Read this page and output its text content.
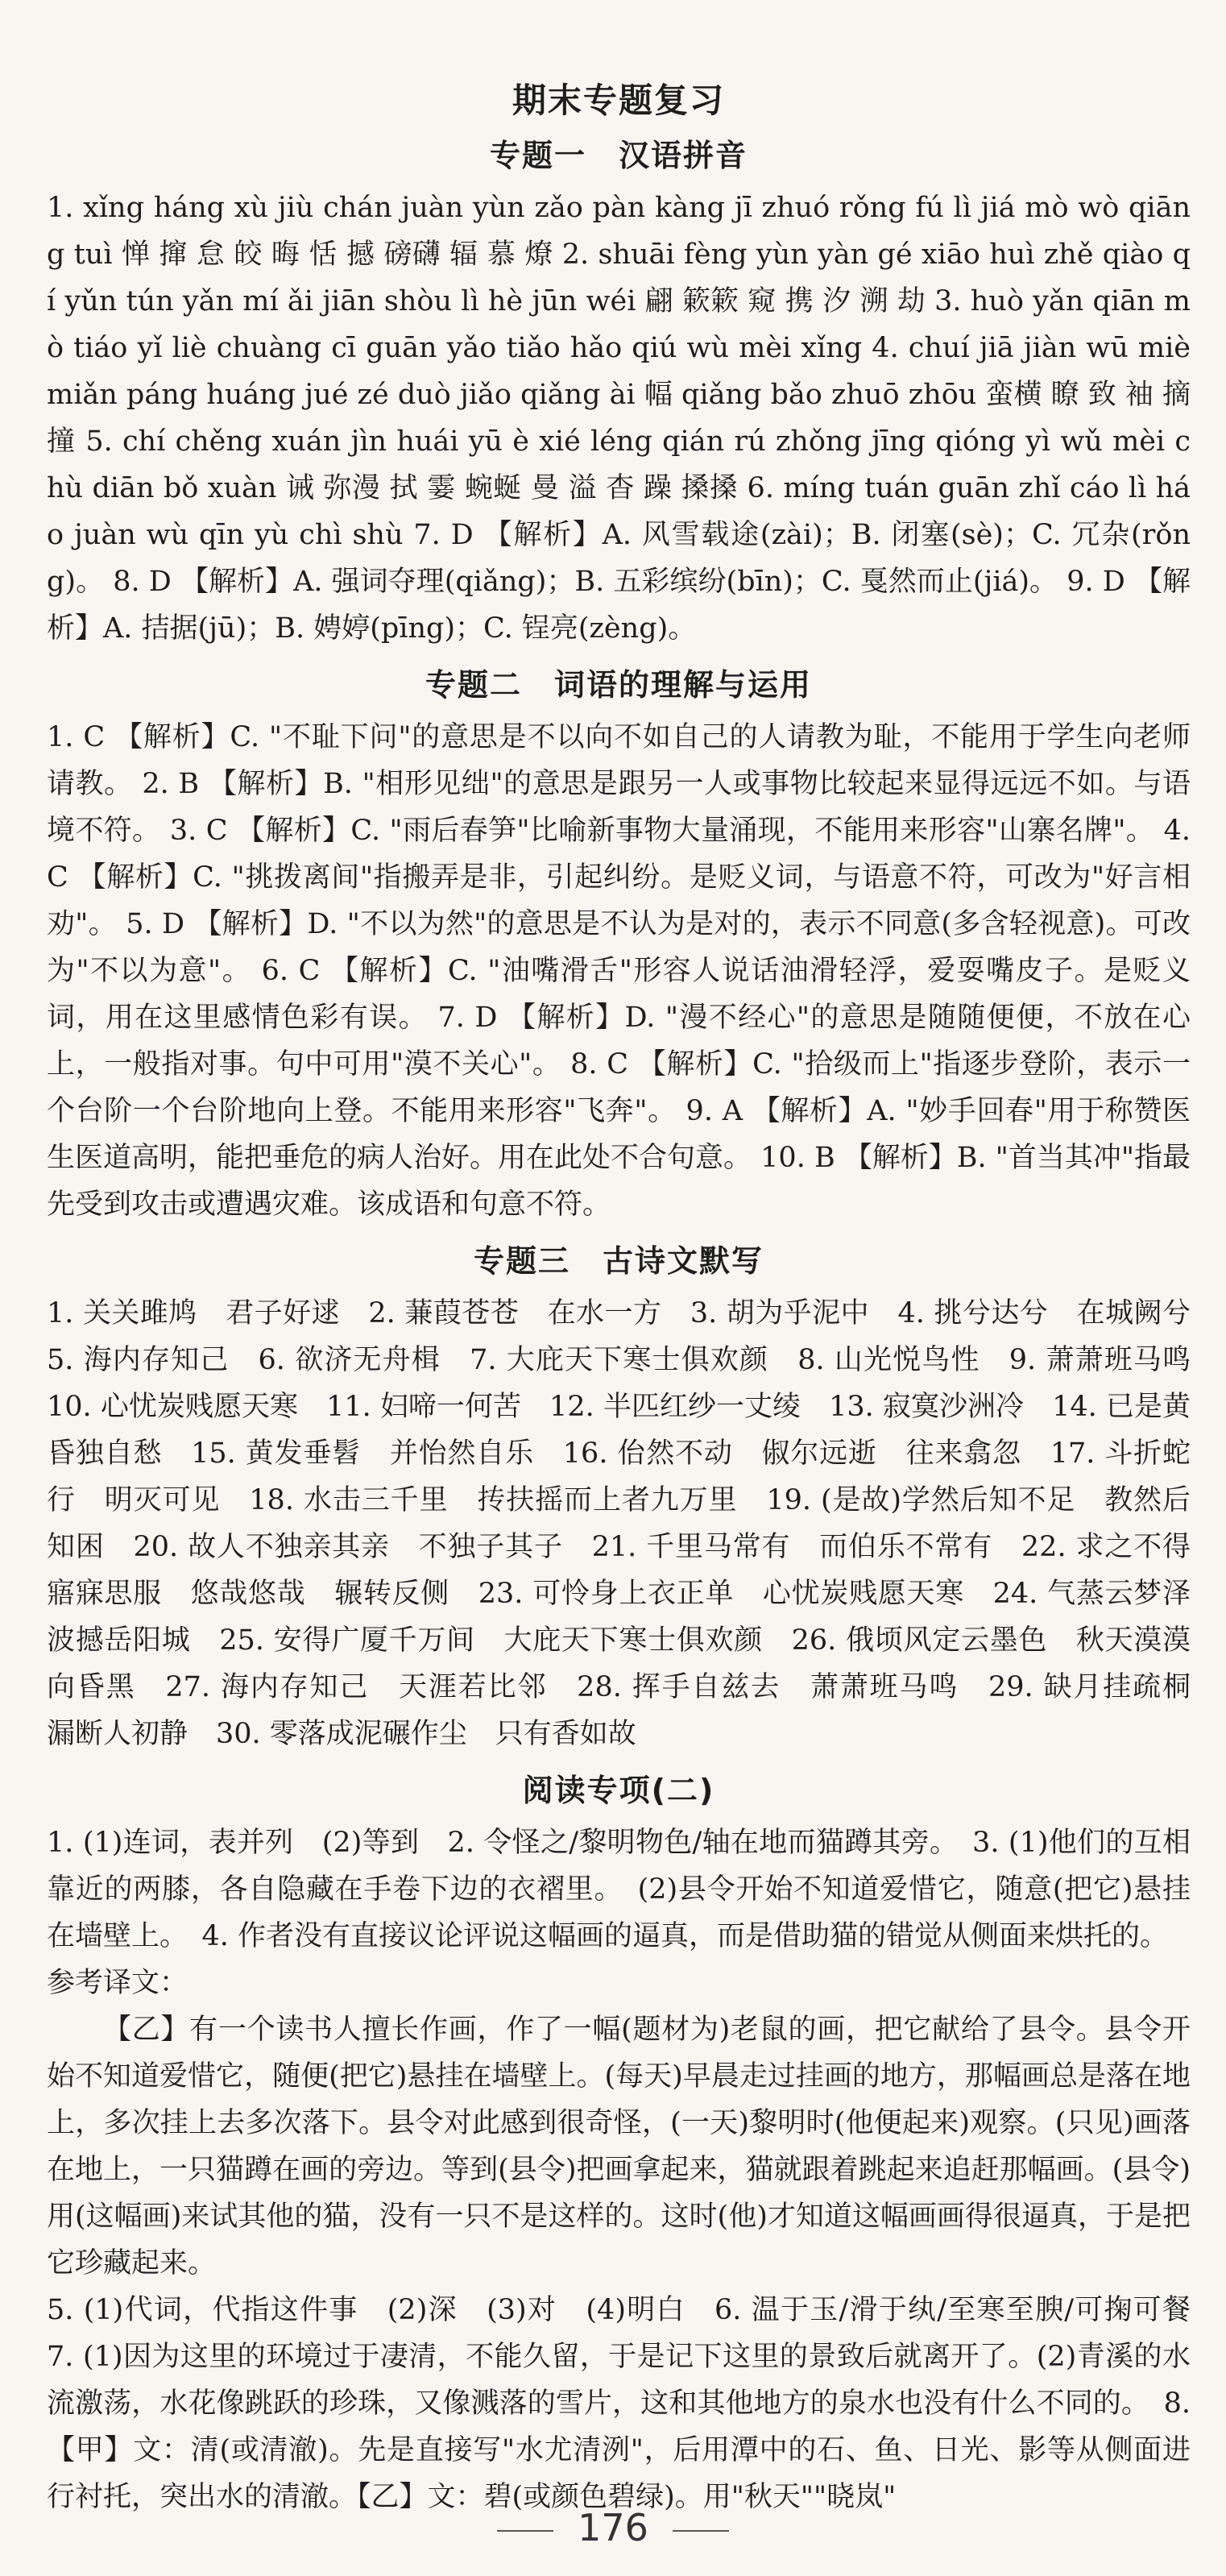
期末专题复习
专题一　汉语拼音

1. xǐng háng xù jiù chán juàn yùn zǎo pàn kàng jī zhuó rǒng fú lì jiá mò wò qiāng tuì 惮 撺 怠 皎 晦 恬 撼 磅礴 辐 慕 燎 2. shuāi fèng yùn yàn gé xiāo huì zhě qiào qí yǔn tún yǎn mí ǎi jiān shòu lì hè jūn wéi 翩 簌簌 窥 携 汐 溯 劫 3. huò yǎn qiān mò tiáo yǐ liè chuàng cī guān yǎo tiǎo hǎo qiú wù mèi xǐng 4. chuí jiā jiàn wū miè miǎn páng huáng jué zé duò jiǎo qiǎng ài 幅 qiǎng bǎo zhuō zhōu 蛮横 瞭 致 袖 摘 撞 5. chí chěng xuán jìn huái yū è xié léng qián rú zhǒng jīng qióng yì wǔ mèi chù diān bǒ xuàn 诫 弥漫 拭 霎 蜿蜒 曼 溢 杳 躁 搡搡 6. míng tuán guān zhǐ cáo lì háo juàn wù qīn yù chì shù 7. D 【解析】A. 风雪载途(zài)；B. 闭塞(sè)；C. 冗杂(rǒng)。 8. D 【解析】A. 强词夺理(qiǎng)；B. 五彩缤纷(bīn)；C. 戛然而止(jiá)。 9. D 【解析】A. 拮据(jū)；B. 娉婷(pīng)；C. 锃亮(zèng)。

专题二　词语的理解与运用

1. C 【解析】C. "不耻下问"的意思是不以向不如自己的人请教为耻，不能用于学生向老师请教。 2. B 【解析】B. "相形见绌"的意思是跟另一人或事物比较起来显得远远不如。与语境不符。 3. C 【解析】C. "雨后春笋"比喻新事物大量涌现，不能用来形容"山寨名牌"。 4. C 【解析】C. "挑拨离间"指搬弄是非，引起纠纷。是贬义词，与语意不符，可改为"好言相劝"。 5. D 【解析】D. "不以为然"的意思是不认为是对的，表示不同意(多含轻视意)。可改为"不以为意"。 6. C 【解析】C. "油嘴滑舌"形容人说话油滑轻浮，爱耍嘴皮子。是贬义词，用在这里感情色彩有误。 7. D 【解析】D. "漫不经心"的意思是随随便便，不放在心上，一般指对事。句中可用"漠不关心"。 8. C 【解析】C. "拾级而上"指逐步登阶，表示一个台阶一个台阶地向上登。不能用来形容"飞奔"。 9. A 【解析】A. "妙手回春"用于称赞医生医道高明，能把垂危的病人治好。用在此处不合句意。 10. B 【解析】B. "首当其冲"指最先受到攻击或遭遇灾难。该成语和句意不符。

专题三　古诗文默写

1. 关关雎鸠　君子好逑　2. 蒹葭苍苍　在水一方　3. 胡为乎泥中　4. 挑兮达兮　在城阙兮　5. 海内存知己　6. 欲济无舟楫　7. 大庇天下寒士俱欢颜　8. 山光悦鸟性　9. 萧萧班马鸣　10. 心忧炭贱愿天寒　11. 妇啼一何苦　12. 半匹红纱一丈绫　13. 寂寞沙洲冷　14. 已是黄昏独自愁　15. 黄发垂髫　并怡然自乐　16. 佁然不动　俶尔远逝　往来翕忽　17. 斗折蛇行　明灭可见　18. 水击三千里　抟扶摇而上者九万里　19. (是故)学然后知不足　教然后知困　20. 故人不独亲其亲　不独子其子　21. 千里马常有　而伯乐不常有　22. 求之不得　寤寐思服　悠哉悠哉　辗转反侧　23. 可怜身上衣正单　心忧炭贱愿天寒　24. 气蒸云梦泽　波撼岳阳城　25. 安得广厦千万间　大庇天下寒士俱欢颜　26. 俄顷风定云墨色　秋天漠漠向昏黑　27. 海内存知己　天涯若比邻　28. 挥手自兹去　萧萧班马鸣　29. 缺月挂疏桐　漏断人初静　30. 零落成泥碾作尘　只有香如故

阅读专项(二)

1. (1)连词，表并列　(2)等到　2. 令怪之/黎明物色/轴在地而猫蹲其旁。　3. (1)他们的互相靠近的两膝，各自隐藏在手卷下边的衣褶里。　(2)县令开始不知道爱惜它，随意(把它)悬挂在墙壁上。　4. 作者没有直接议论评说这幅画的逼真，而是借助猫的错觉从侧面来烘托的。

参考译文：

【乙】有一个读书人擅长作画，作了一幅(题材为)老鼠的画，把它献给了县令。县令开始不知道爱惜它，随便(把它)悬挂在墙壁上。(每天)早晨走过挂画的地方，那幅画总是落在地上，多次挂上去多次落下。县令对此感到很奇怪，(一天)黎明时(他便起来)观察。(只见)画落在地上，一只猫蹲在画的旁边。等到(县令)把画拿起来，猫就跟着跳起来追赶那幅画。(县令)用(这幅画)来试其他的猫，没有一只不是这样的。这时(他)才知道这幅画画得很逼真，于是把它珍藏起来。

5. (1)代词，代指这件事　(2)深　(3)对　(4)明白　6. 温于玉/滑于纨/至寒至腴/可掬可餐　7. (1)因为这里的环境过于凄清，不能久留，于是记下这里的景致后就离开了。(2)青溪的水流激荡，水花像跳跃的珍珠，又像溅落的雪片，这和其他地方的泉水也没有什么不同的。　8.【甲】文：清(或清澈)。先是直接写"水尤清洌"，后用潭中的石、鱼、日光、影等从侧面进行衬托，突出水的清澈。【乙】文：碧(或颜色碧绿)。用"秋天""晓岚"

176
